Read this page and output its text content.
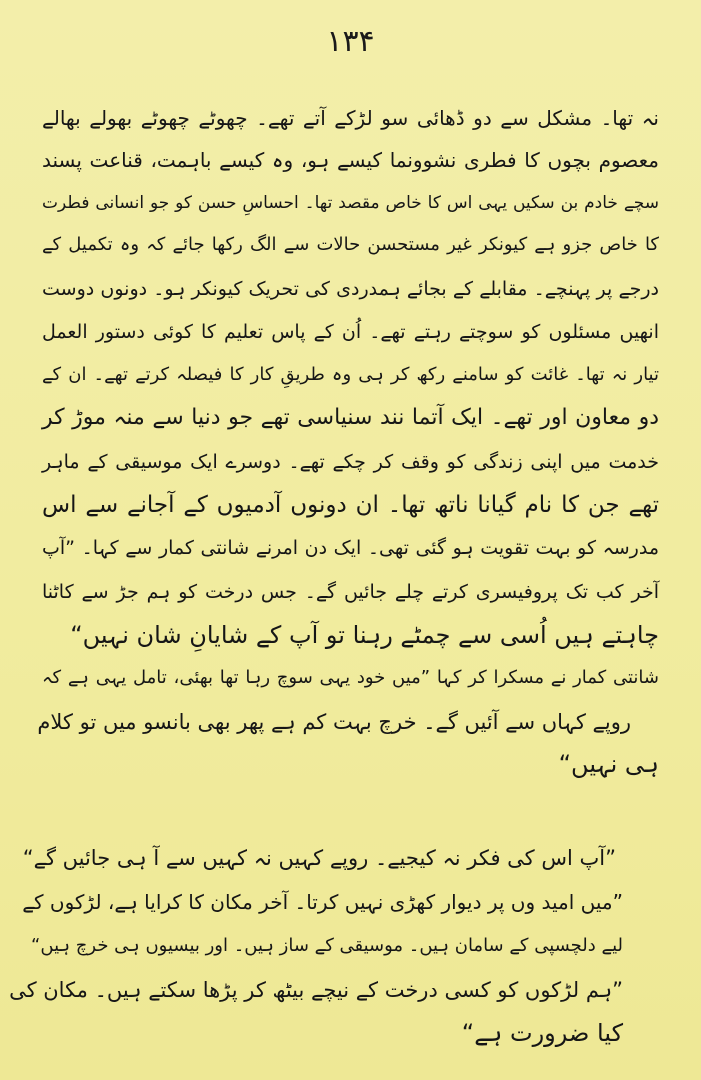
۱۳۴
نہ تھا۔ مشکل سے دو ڈھائی سو لڑکے آتے تھے۔ چھوٹے چھوٹے بھولے بھالے
معصوم بچوں کا فطری نشوونما کیسے ہو، وہ کیسے باہمت، قناعت پسند
سچے خادم بن سکیں یہی اس کا خاص مقصد تھا۔ احساسِ حسن کو جو انسانی فطرت
کا خاص جزو ہے کیونکر غیر مستحسن حالات سے الگ رکھا جائے کہ وہ تکمیل کے
درجے پر پہنچے۔ مقابلے کے بجائے ہمدردی کی تحریک کیونکر ہو۔ دونوں دوست
انھیں مسئلوں کو سوچتے رہتے تھے۔ اُن کے پاس تعلیم کا کوئی دستور العمل
تیار نہ تھا۔ غائت کو سامنے رکھ کر ہی وہ طریقِ کار کا فیصلہ کرتے تھے۔ ان کے
دو معاون اور تھے۔ ایک آتما نند سنیاسی تھے جو دنیا سے منہ موڑ کر
خدمت میں اپنی زندگی کو وقف کر چکے تھے۔ دوسرے ایک موسیقی کے ماہر
تھے جن کا نام گیانا ناتھ تھا۔ ان دونوں آدمیوں کے آجانے سے اس
مدرسہ کو بہت تقویت ہو گئی تھی۔ ایک دن امرنے شانتی کمار سے کہا۔ ”آپ
آخر کب تک پروفیسری کرتے چلے جائیں گے۔ جس درخت کو ہم جڑ سے کاٹنا
چاہتے ہیں اُسی سے چمٹے رہنا تو آپ کے شایانِ شان نہیں“
شانتی کمار نے مسکرا کر کہا ”میں خود یہی سوچ رہا تھا بھئی، تامل یہی ہے کہ
روپے کہاں سے آئیں گے۔ خرچ بہت کم ہے پھر بھی بانسو میں تو کلام
ہی نہیں“
”آپ اس کی فکر نہ کیجیے۔ روپے کہیں نہ کہیں سے آ ہی جائیں گے“
”میں امید وں پر دیوار کھڑی نہیں کرتا۔ آخر مکان کا کرایا ہے، لڑکوں کے
لیے دلچسپی کے سامان ہیں۔ موسیقی کے ساز ہیں۔ اور بیسیوں ہی خرچ ہیں“
”ہم لڑکوں کو کسی درخت کے نیچے بیٹھ کر پڑھا سکتے ہیں۔ مکان کی
کیا ضرورت ہے“
